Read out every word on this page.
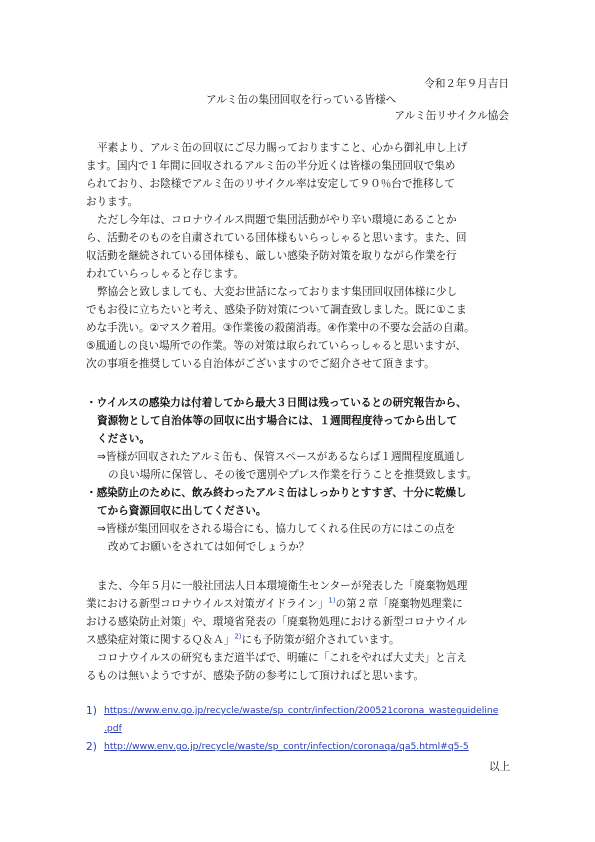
令和２年９月吉日
アルミ缶の集団回収を行っている皆様へ
アルミ缶リサイクル協会
平素より、アルミ缶の回収にご尽力賜っておりますこと、心から御礼申し上げ
ます。国内で１年間に回収されるアルミ缶の半分近くは皆様の集団回収で集め
られており、お陰様でアルミ缶のリサイクル率は安定して９０％台で推移して
おります。
ただし今年は、コロナウイルス問題で集団活動がやり辛い環境にあることか
ら、活動そのものを自粛されている団体様もいらっしゃると思います。また、回
収活動を継続されている団体様も、厳しい感染予防対策を取りながら作業を行
われていらっしゃると存じます。
弊協会と致しましても、大変お世話になっております集団回収団体様に少し
でもお役に立ちたいと考え、感染予防対策について調査致しました。既に①こま
めな手洗い。②マスク着用。③作業後の殺菌消毒。④作業中の不要な会話の自粛。
⑤風通しの良い場所での作業。等の対策は取られていらっしゃると思いますが、
次の事項を推奨している自治体がございますのでご紹介させて頂きます。
・ウイルスの感染力は付着してから最大３日間は残っているとの研究報告から、
資源物として自治体等の回収に出す場合には、１週間程度待ってから出して
ください。
⇒皆様が回収されたアルミ缶も、保管スペースがあるならば１週間程度風通し
の良い場所に保管し、その後で選別やプレス作業を行うことを推奨致します。
・感染防止のために、飲み終わったアルミ缶はしっかりとすすぎ、十分に乾燥し
てから資源回収に出してください。
⇒皆様が集団回収をされる場合にも、協力してくれる住民の方にはこの点を
改めてお願いをされては如何でしょうか？
また、今年５月に一般社団法人日本環境衛生センターが発表した「廃棄物処理
業における新型コロナウイルス対策ガイドライン」$^{1)}$の第２章「廃棄物処理業に
おける感染防止対策」や、環境省発表の「廃棄物処理における新型コロナウイル
ス感染症対策に関するＱ＆Ａ」$^{2)}$にも予防策が紹介されています。
コロナウイルスの研究もまだ道半ばで、明確に「これをやれば大丈夫」と言え
るものは無いようですが、感染予防の参考にして頂ければと思います。
1) https://www.env.go.jp/recycle/waste/sp_contr/infection/200521corona_wasteguideline
.pdf
2) http://www.env.go.jp/recycle/waste/sp_contr/infection/coronaqa/qa5.html#q5-5
以上
